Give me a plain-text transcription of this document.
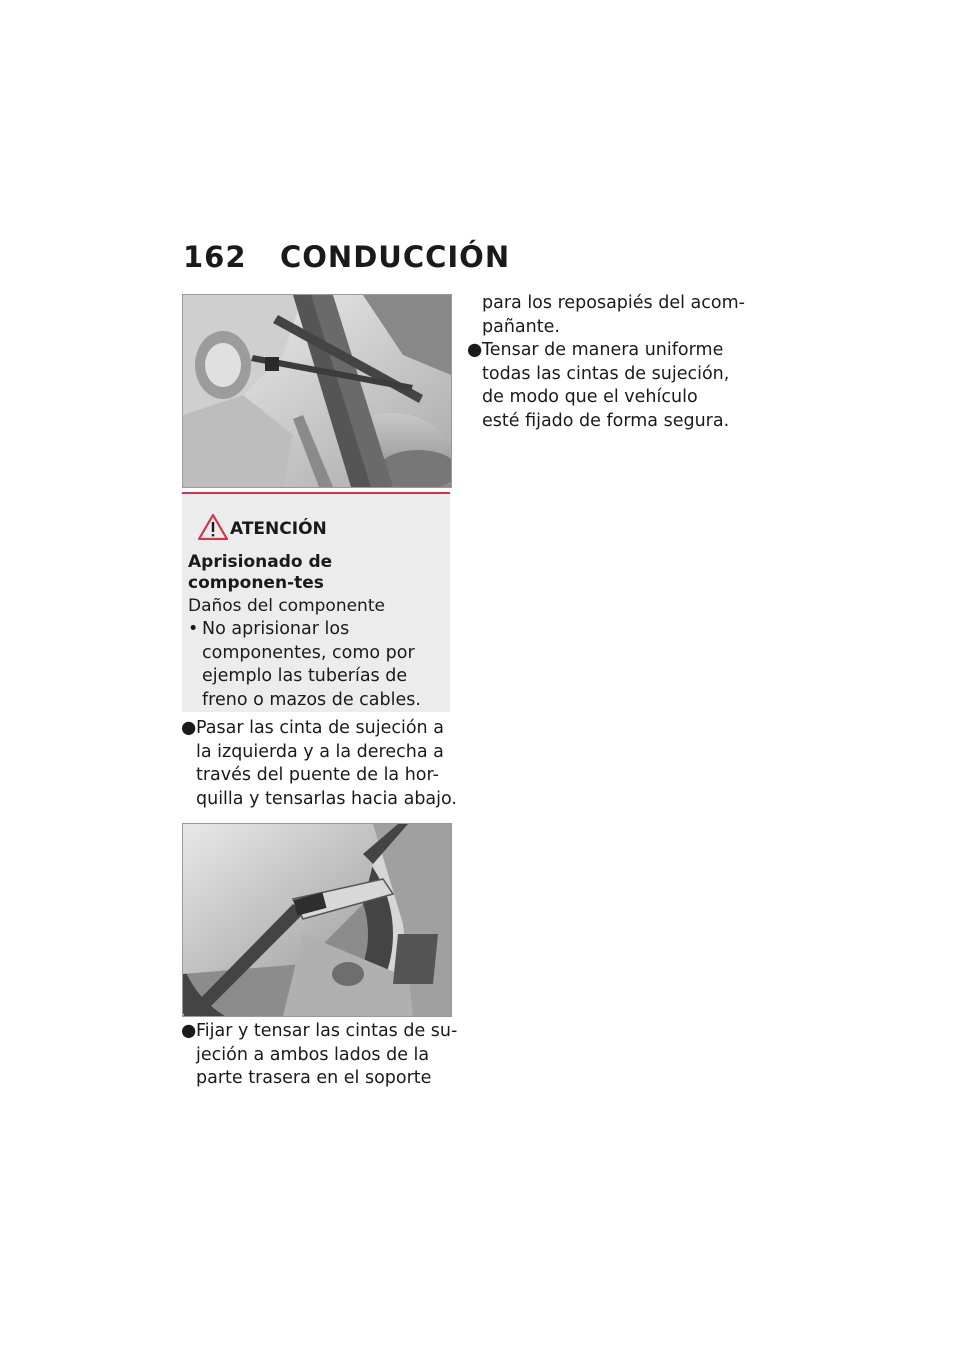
162 CONDUCCIÓN
ATENCIÓN
Aprisionado de componen-tes
Daños del componente
• No aprisionar los componentes, como por ejemplo las tuberías de freno o mazos de cables.
●Pasar las cinta de sujeción a la izquierda y a la derecha a través del puente de la hor-quilla y tensarlas hacia abajo.
●Fijar y tensar las cintas de su-jeción a ambos lados de la parte trasera en el soporte
para los reposapiés del acom-pañante.
●Tensar de manera uniforme todas las cintas de sujeción, de modo que el vehículo esté fijado de forma segura.
